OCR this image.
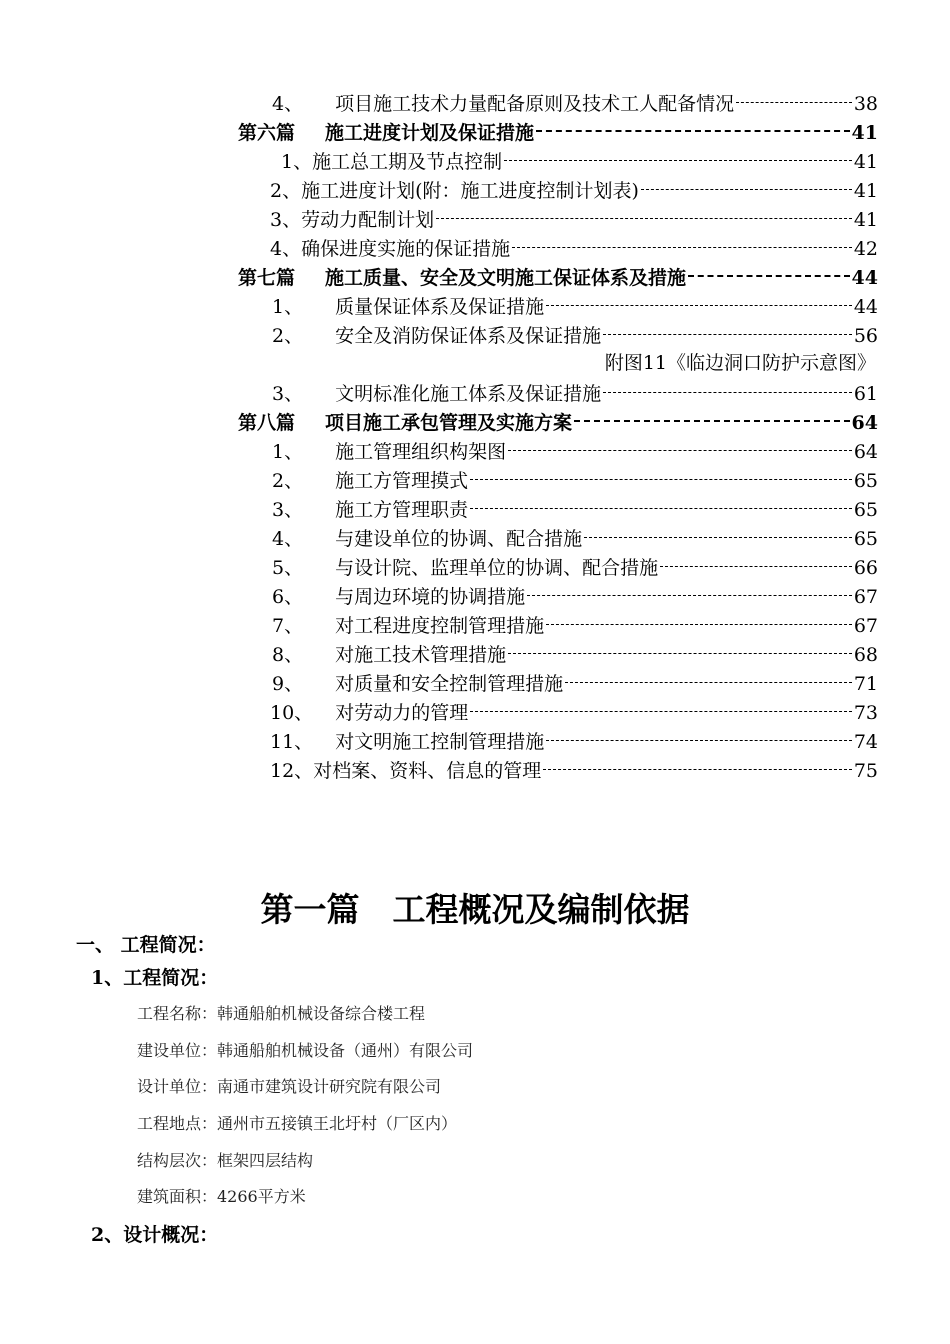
4、 项目施工技术力量配备原则及技术工人配备情况	38
第六篇 施工进度计划及保证措施	41
1、 施工总工期及节点控制	41
2、 施工进度计划(附：施工进度控制计划表)	41
3、 劳动力配制计划	41
4、 确保进度实施的保证措施	42
第七篇 施工质量、安全及文明施工保证体系及措施	44
1、 质量保证体系及保证措施	44
2、 安全及消防保证体系及保证措施	56
3、 文明标准化施工体系及保证措施	61
第八篇 项目施工承包管理及实施方案	64
1、 施工管理组织构架图	64
2、 施工方管理摸式	65
3、 施工方管理职责	65
4、 与建设单位的协调、配合措施	65
5、 与设计院、监理单位的协调、配合措施	66
6、 与周边环境的协调措施	67
7、 对工程进度控制管理措施	67
8、 对施工技术管理措施	68
9、 对质量和安全控制管理措施	71
10、 对劳动力的管理	73
11、 对文明施工控制管理措施	74
12、 对档案、资料、信息的管理	75
附图11《临边洞口防护示意图》
第一篇　工程概况及编制依据
一、 工程简况：
1、工程简况：
工程名称：韩通船舶机械设备综合楼工程
建设单位：韩通船舶机械设备（通州）有限公司
设计单位：南通市建筑设计研究院有限公司
工程地点：通州市五接镇王北圩村（厂区内）
结构层次：框架四层结构
建筑面积：4266平方米
2、设计概况：
